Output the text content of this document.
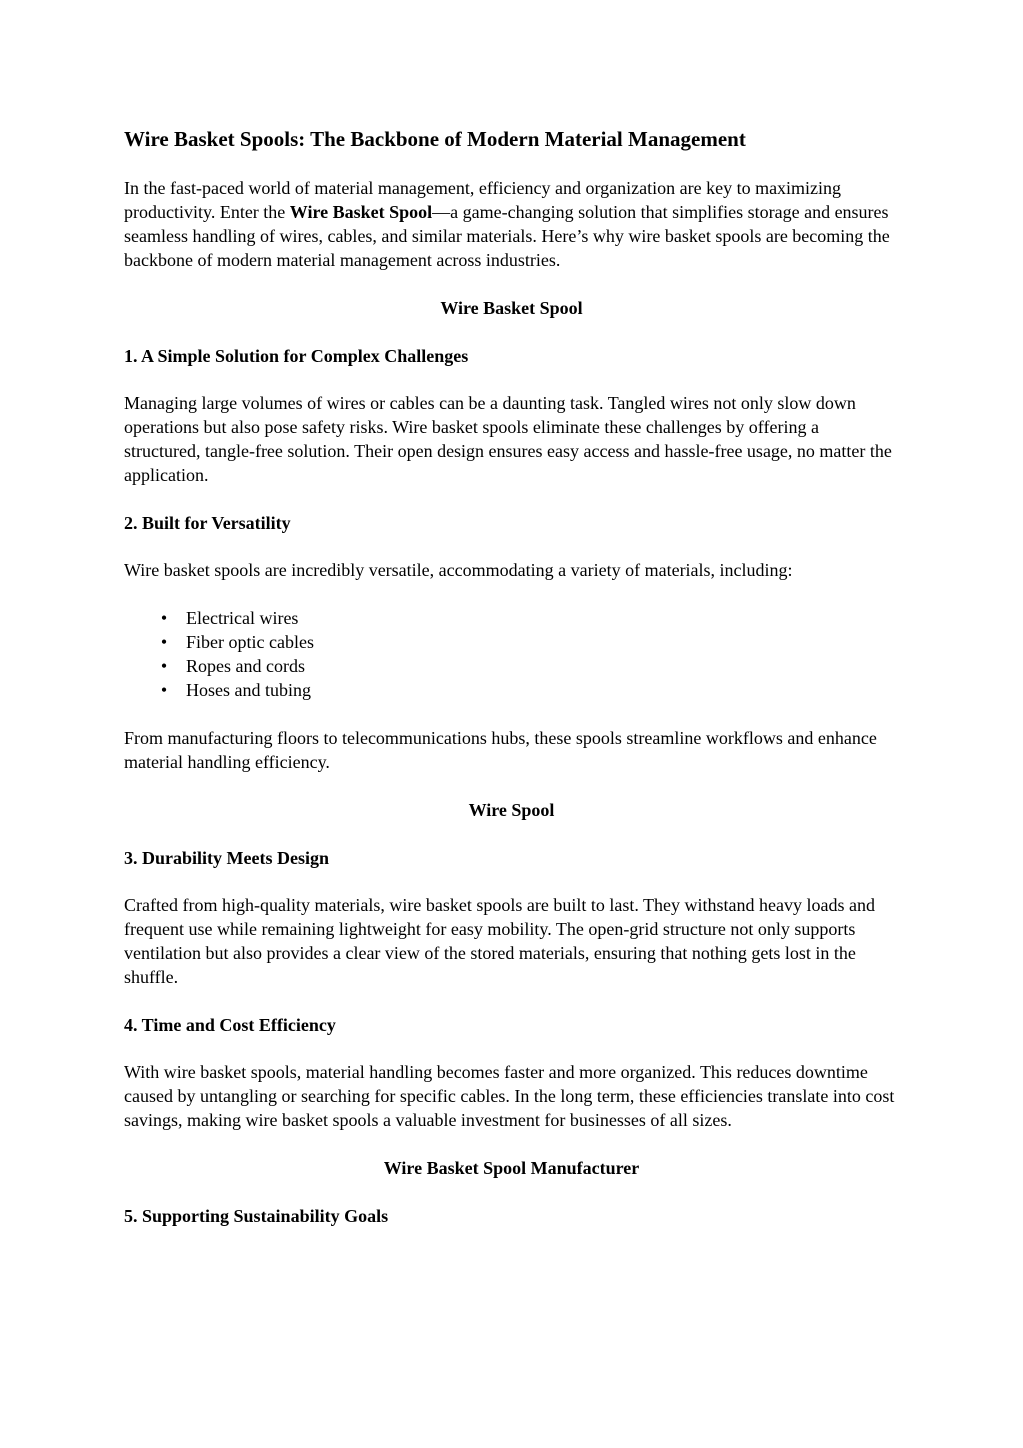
Wire Basket Spools: The Backbone of Modern Material Management

In the fast-paced world of material management, efficiency and organization are key to maximizing productivity. Enter the Wire Basket Spool—a game-changing solution that simplifies storage and ensures seamless handling of wires, cables, and similar materials. Here’s why wire basket spools are becoming the backbone of modern material management across industries.

Wire Basket Spool
1. A Simple Solution for Complex Challenges

Managing large volumes of wires or cables can be a daunting task. Tangled wires not only slow down operations but also pose safety risks. Wire basket spools eliminate these challenges by offering a structured, tangle-free solution. Their open design ensures easy access and hassle-free usage, no matter the application.

2. Built for Versatility

Wire basket spools are incredibly versatile, accommodating a variety of materials, including:

• Electrical wires
• Fiber optic cables
• Ropes and cords
• Hoses and tubing

From manufacturing floors to telecommunications hubs, these spools streamline workflows and enhance material handling efficiency.

Wire Spool
3. Durability Meets Design

Crafted from high-quality materials, wire basket spools are built to last. They withstand heavy loads and frequent use while remaining lightweight for easy mobility. The open-grid structure not only supports ventilation but also provides a clear view of the stored materials, ensuring that nothing gets lost in the shuffle.

4. Time and Cost Efficiency

With wire basket spools, material handling becomes faster and more organized. This reduces downtime caused by untangling or searching for specific cables. In the long term, these efficiencies translate into cost savings, making wire basket spools a valuable investment for businesses of all sizes.

Wire Basket Spool Manufacturer
5. Supporting Sustainability Goals
